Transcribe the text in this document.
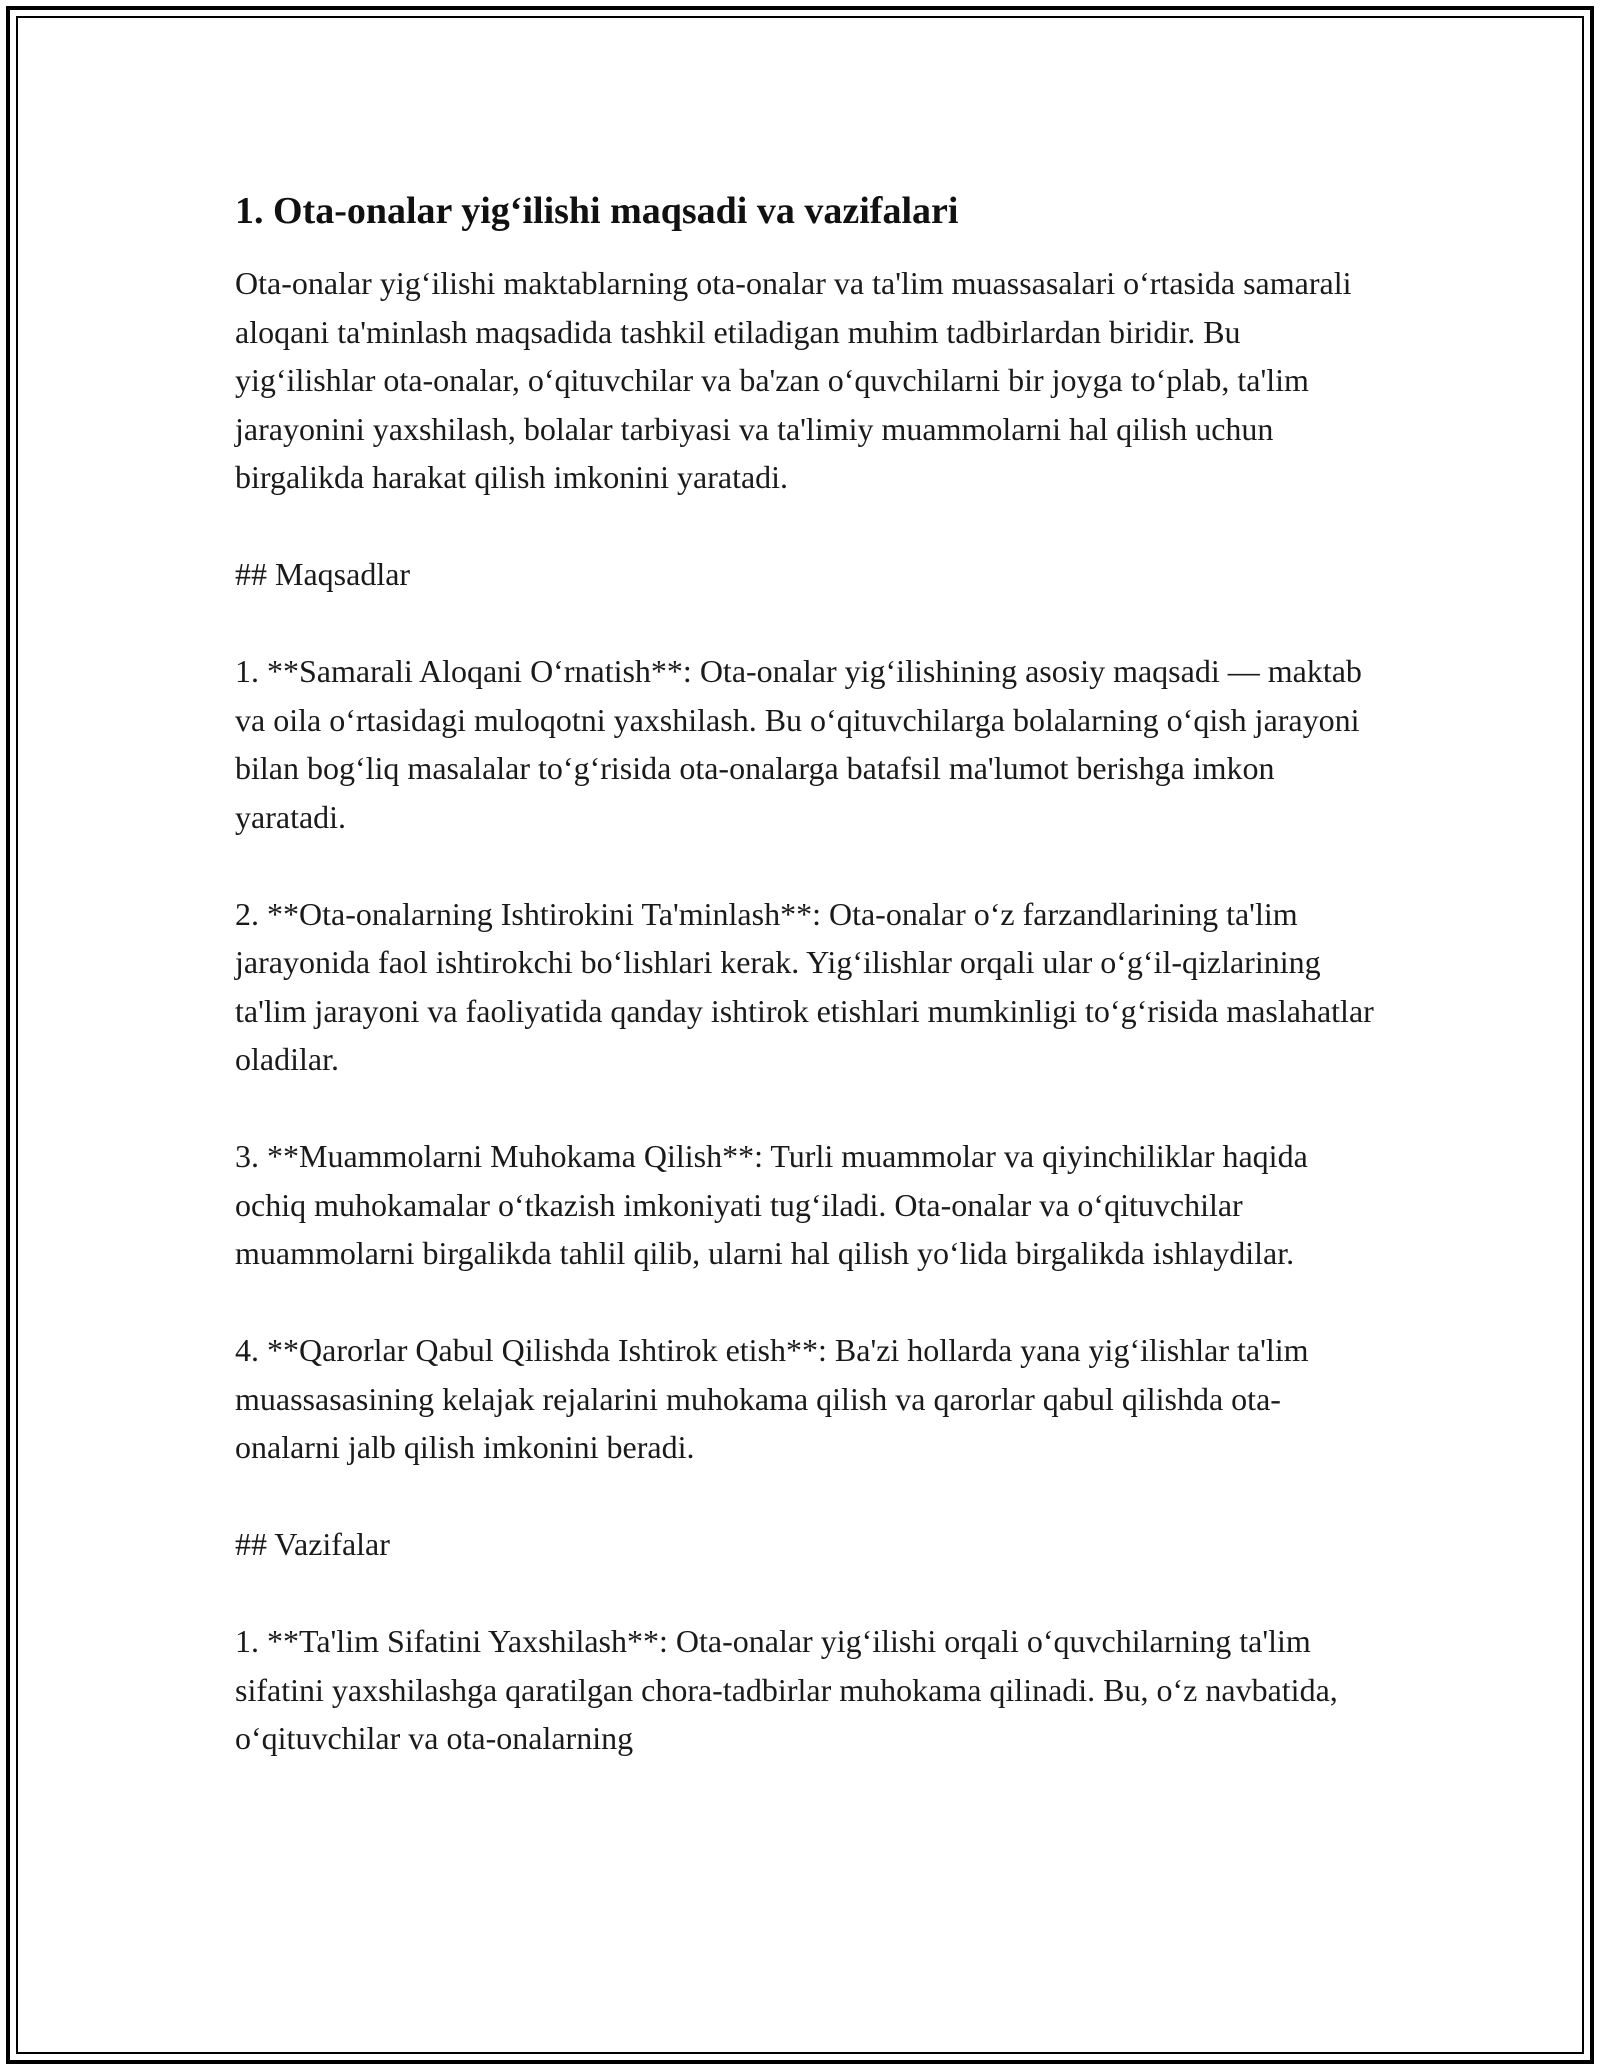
1. Ota-onalar yig‘ilishi maqsadi va vazifalari

Ota-onalar yig‘ilishi maktablarning ota-onalar va ta'lim muassasalari o‘rtasida samarali aloqani ta'minlash maqsadida tashkil etiladigan muhim tadbirlardan biridir. Bu yig‘ilishlar ota-onalar, o‘qituvchilar va ba'zan o‘quvchilarni bir joyga to‘plab, ta'lim jarayonini yaxshilash, bolalar tarbiyasi va ta'limiy muammolarni hal qilish uchun birgalikda harakat qilish imkonini yaratadi.

## Maqsadlar

1. **Samarali Aloqani O‘rnatish**: Ota-onalar yig‘ilishining asosiy maqsadi — maktab va oila o‘rtasidagi muloqotni yaxshilash. Bu o‘qituvchilarga bolalarning o‘qish jarayoni bilan bog‘liq masalalar to‘g‘risida ota-onalarga batafsil ma'lumot berishga imkon yaratadi.

2. **Ota-onalarning Ishtirokini Ta'minlash**: Ota-onalar o‘z farzandlarining ta'lim jarayonida faol ishtirokchi bo‘lishlari kerak. Yig‘ilishlar orqali ular o‘g‘il-qizlarining ta'lim jarayoni va faoliyatida qanday ishtirok etishlari mumkinligi to‘g‘risida maslahatlar oladilar.

3. **Muammolarni Muhokama Qilish**: Turli muammolar va qiyinchiliklar haqida ochiq muhokamalar o‘tkazish imkoniyati tug‘iladi. Ota-onalar va o‘qituvchilar muammolarni birgalikda tahlil qilib, ularni hal qilish yo‘lida birgalikda ishlaydilar.

4. **Qarorlar Qabul Qilishda Ishtirok etish**: Ba'zi hollarda yana yig‘ilishlar ta'lim muassasasining kelajak rejalarini muhokama qilish va qarorlar qabul qilishda ota-onalarni jalb qilish imkonini beradi.

## Vazifalar

1. **Ta'lim Sifatini Yaxshilash**: Ota-onalar yig‘ilishi orqali o‘quvchilarning ta'lim sifatini yaxshilashga qaratilgan chora-tadbirlar muhokama qilinadi. Bu, o‘z navbatida, o‘qituvchilar va ota-onalarning
